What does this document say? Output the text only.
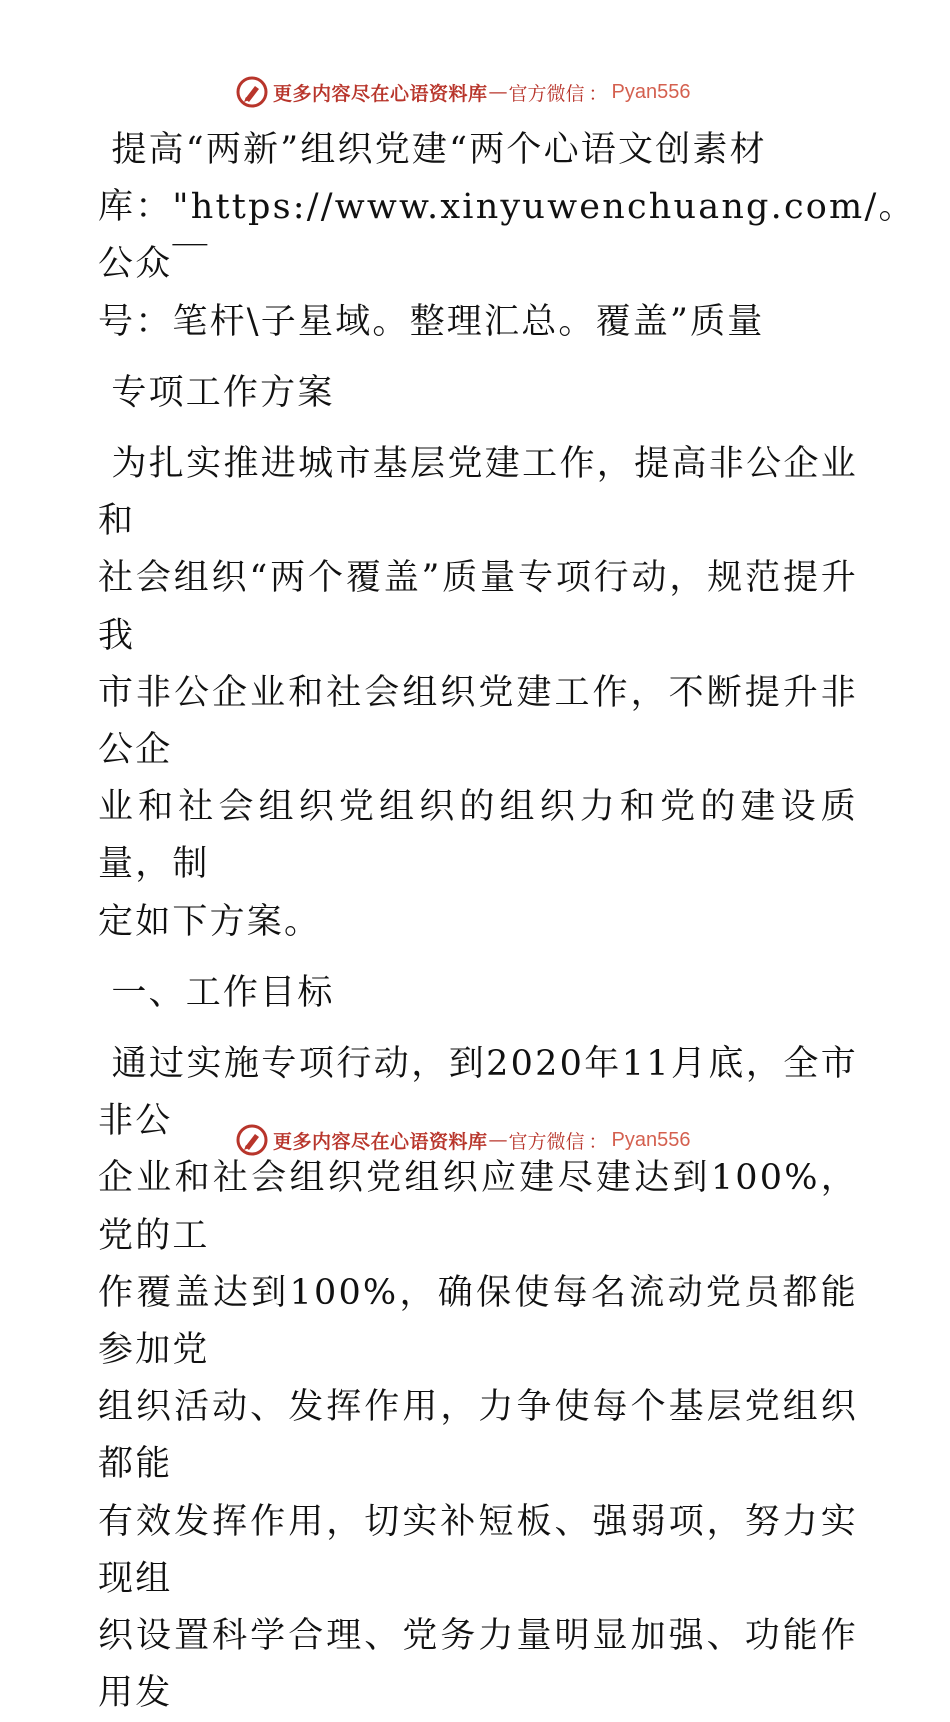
更多内容尽在心语资料库 — 官方微信 ： Pyan556

提高“两新”组织党建“两个心语文创素材

库："https://www.xinyuwenchuang.com/。公众￣

号：笔杆\子星域。整理汇总。覆盖”质量

专项工作方案

为扎实推进城市基层党建工作，提高非公企业和

社会组织“两个覆盖”质量专项行动，规范提升我

市非公企业和社会组织党建工作，不断提升非公企

业和社会组织党组织的组织力和党的建设质量，制

定如下方案。

一、工作目标

通过实施专项行动，到2020年11月底，全市非公

企业和社会组织党组织应建尽建达到100%，党的工

作覆盖达到100%，确保使每名流动党员都能参加党

组织活动、发挥作用，力争使每个基层党组织都能

有效发挥作用，切实补短板、强弱项，努力实现组

织设置科学合理、党务力量明显加强、功能作用发

更多内容尽在心语资料库 — 官方微信 ： Pyan556
